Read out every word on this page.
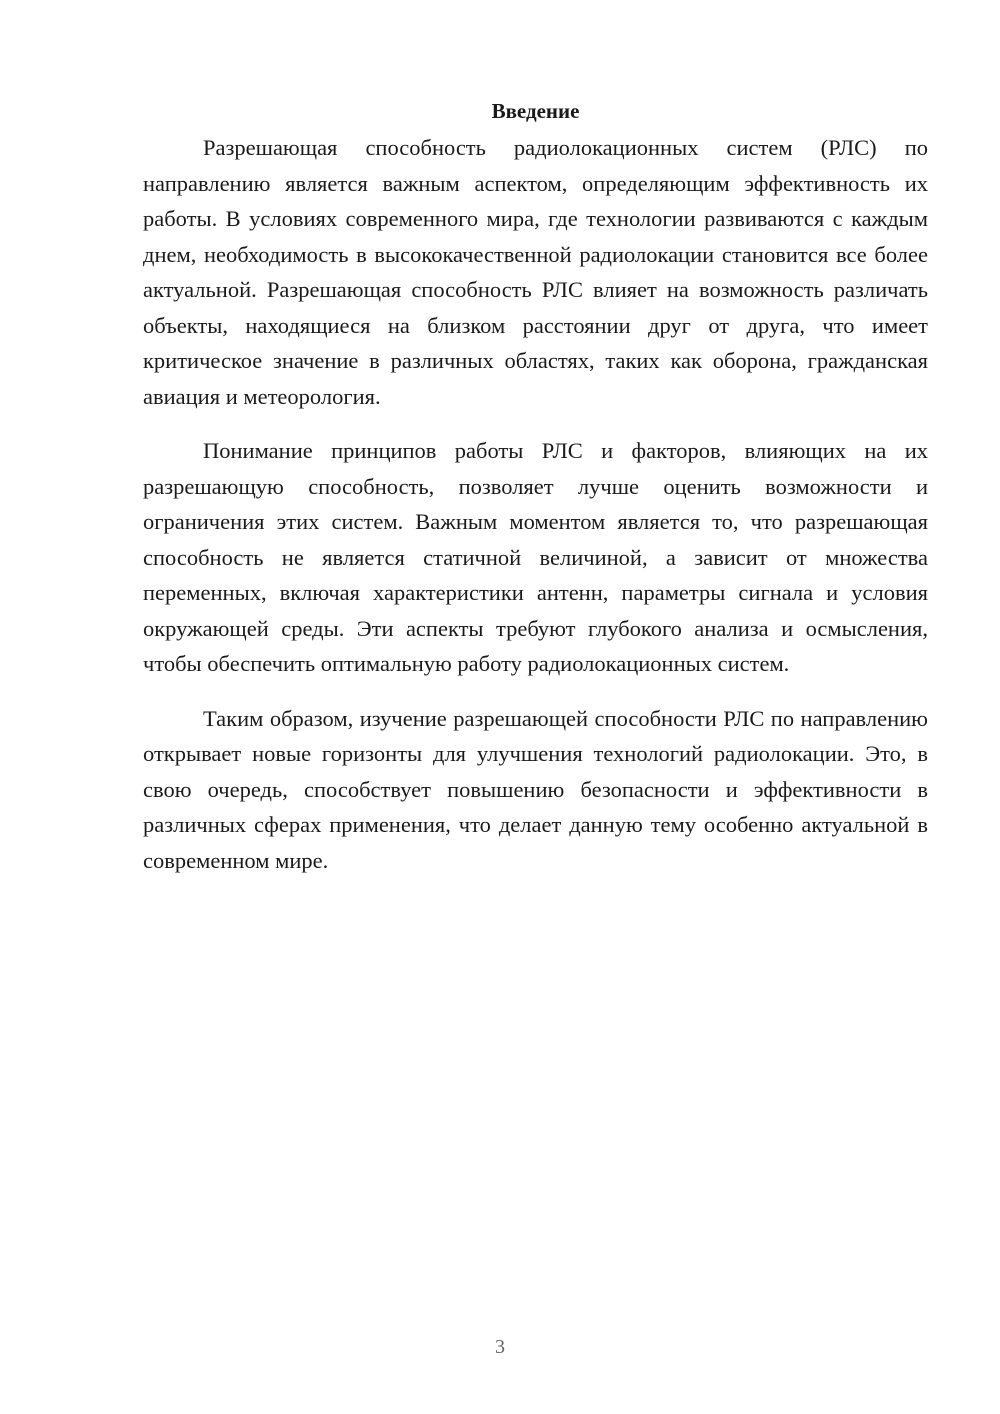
Введение

Разрешающая способность радиолокационных систем (РЛС) по направлению является важным аспектом, определяющим эффективность их работы. В условиях современного мира, где технологии развиваются с каждым днем, необходимость в высококачественной радиолокации становится все более актуальной. Разрешающая способность РЛС влияет на возможность различать объекты, находящиеся на близком расстоянии друг от друга, что имеет критическое значение в различных областях, таких как оборона, гражданская авиация и метеорология.

Понимание принципов работы РЛС и факторов, влияющих на их разрешающую способность, позволяет лучше оценить возможности и ограничения этих систем. Важным моментом является то, что разрешающая способность не является статичной величиной, а зависит от множества переменных, включая характеристики антенн, параметры сигнала и условия окружающей среды. Эти аспекты требуют глубокого анализа и осмысления, чтобы обеспечить оптимальную работу радиолокационных систем.

Таким образом, изучение разрешающей способности РЛС по направлению открывает новые горизонты для улучшения технологий радиолокации. Это, в свою очередь, способствует повышению безопасности и эффективности в различных сферах применения, что делает данную тему особенно актуальной в современном мире.

3
